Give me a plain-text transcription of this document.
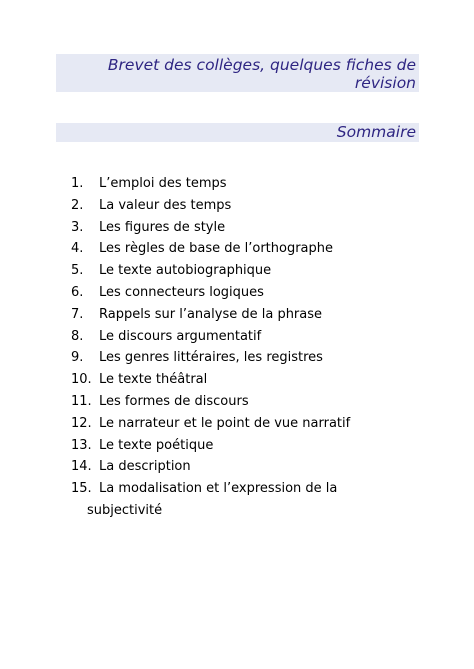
Brevet des collèges, quelques fiches de révision
Sommaire
1. L’emploi des temps
2. La valeur des temps
3. Les figures de style
4. Les règles de base de l’orthographe
5. Le texte autobiographique
6. Les connecteurs logiques
7. Rappels sur l’analyse de la phrase
8. Le discours argumentatif
9. Les genres littéraires, les registres
10. Le texte théâtral
11. Les formes de discours
12. Le narrateur et le point de vue narratif
13. Le texte poétique
14. La description
15. La modalisation et l’expression de la
subjectivité
